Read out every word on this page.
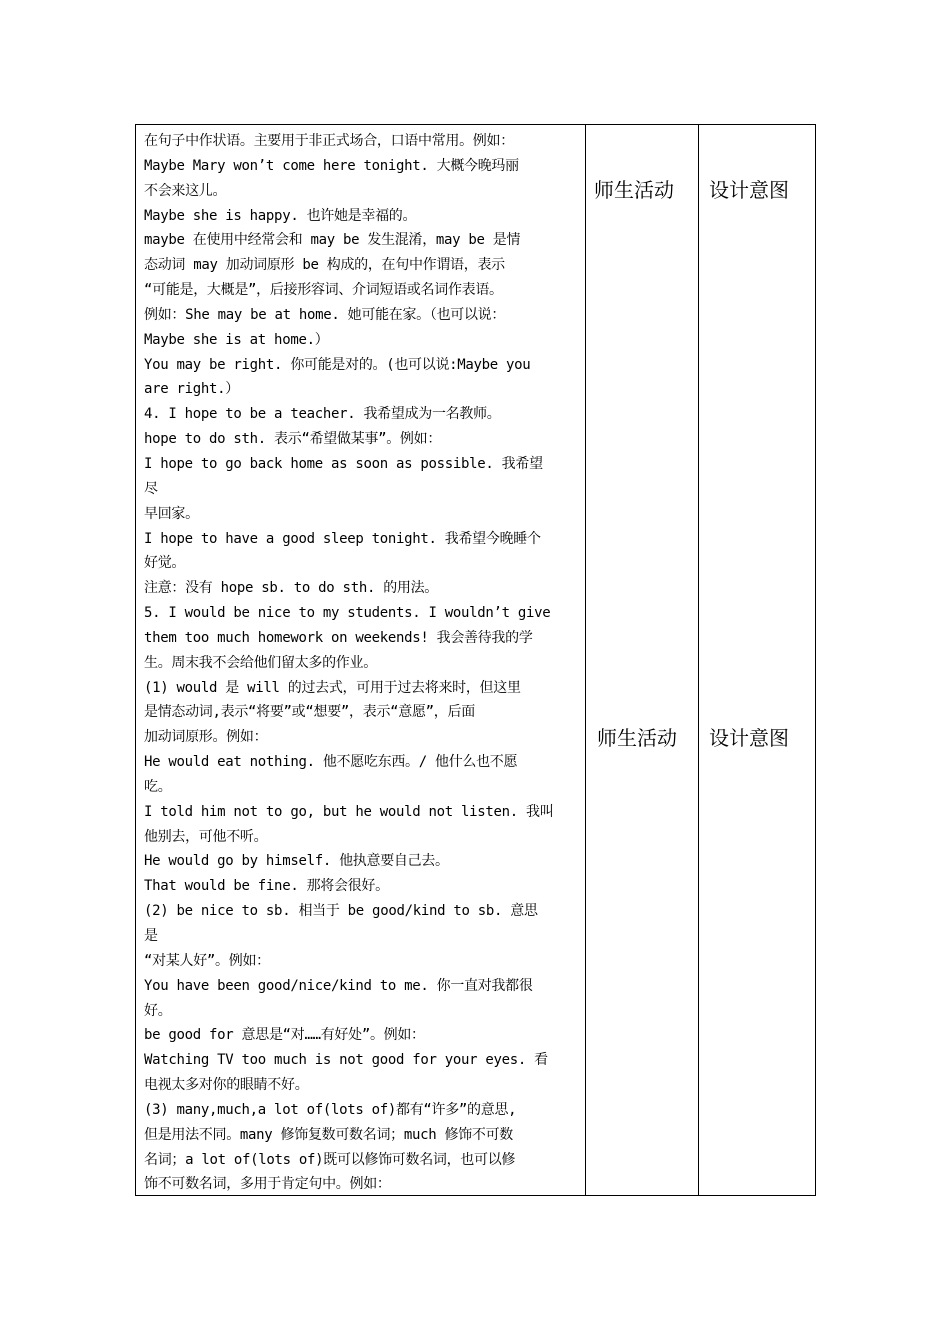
在句子中作状语。主要用于非正式场合，口语中常用。例如：
Maybe Mary won’t come here tonight. 大概今晚玛丽
不会来这儿。
Maybe she is happy. 也许她是幸福的。
maybe 在使用中经常会和 may be 发生混淆，may be 是情
态动词 may 加动词原形 be 构成的，在句中作谓语，表示
“可能是，大概是”，后接形容词、介词短语或名词作表语。
例如：She may be at home. 她可能在家。（也可以说：
Maybe she is at home.）
You may be right. 你可能是对的。(也可以说:Maybe you
are right.）
4. I hope to be a teacher. 我希望成为一名教师。
hope to do sth. 表示“希望做某事”。例如：
I hope to go back home as soon as possible. 我希望
尽
早回家。
I hope to have a good sleep tonight. 我希望今晚睡个
好觉。
注意：没有 hope sb. to do sth. 的用法。
5. I would be nice to my students. I wouldn’t give
them too much homework on weekends! 我会善待我的学
生。周末我不会给他们留太多的作业。
(1) would 是 will 的过去式，可用于过去将来时，但这里
是情态动词,表示“将要”或“想要”，表示“意愿”，后面
加动词原形。例如：
He would eat nothing. 他不愿吃东西。/ 他什么也不愿
吃。
I told him not to go, but he would not listen. 我叫
他别去，可他不听。
He would go by himself. 他执意要自己去。
That would be fine. 那将会很好。
(2) be nice to sb. 相当于 be good/kind to sb. 意思
是
“对某人好”。例如：
You have been good/nice/kind to me. 你一直对我都很
好。
be good for 意思是“对……有好处”。例如：
Watching TV too much is not good for your eyes. 看
电视太多对你的眼睛不好。
(3) many,much,a lot of(lots of)都有“许多”的意思,
但是用法不同。many 修饰复数可数名词；much 修饰不可数
名词；a lot of(lots of)既可以修饰可数名词，也可以修
饰不可数名词，多用于肯定句中。例如：
师生活动 设计意图
师生活动 设计意图
